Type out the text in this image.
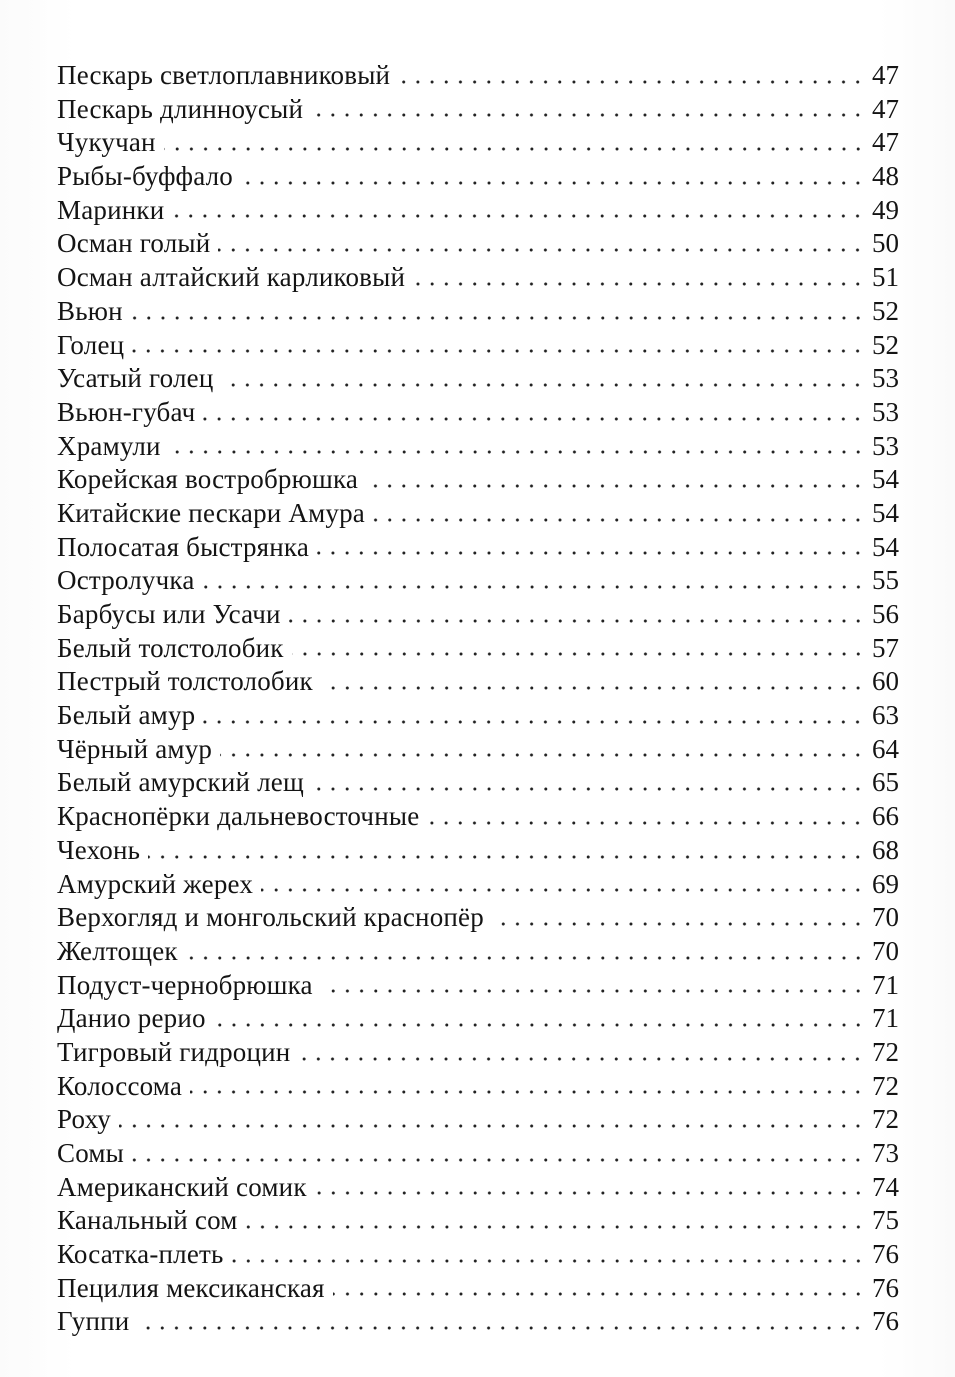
Пескарь светлоплавниковый	47
Пескарь длинноусый	47
Чукучан	47
Рыбы-буффало	48
Маринки	49
Осман голый	50
Осман алтайский карликовый	51
Вьюн	52
Голец	52
Усатый голец	53
Вьюн-губач	53
Храмули	53
Корейская востробрюшка	54
Китайские пескари Амура	54
Полосатая быстрянка	54
Остролучка	55
Барбусы или Усачи	56
Белый толстолобик	57
Пестрый толстолобик	60
Белый амур	63
Чёрный амур	64
Белый амурский лещ	65
Краснопёрки дальневосточные	66
Чехонь	68
Амурский жерех	69
Верхогляд и монгольский краснопёр	70
Желтощек	70
Подуст-чернобрюшка	71
Данио рерио	71
Тигровый гидроцин	72
Колоссома	72
Роху	72
Сомы	73
Американский сомик	74
Канальный сом	75
Косатка-плеть	76
Пецилия мексиканская	76
Гуппи	76
